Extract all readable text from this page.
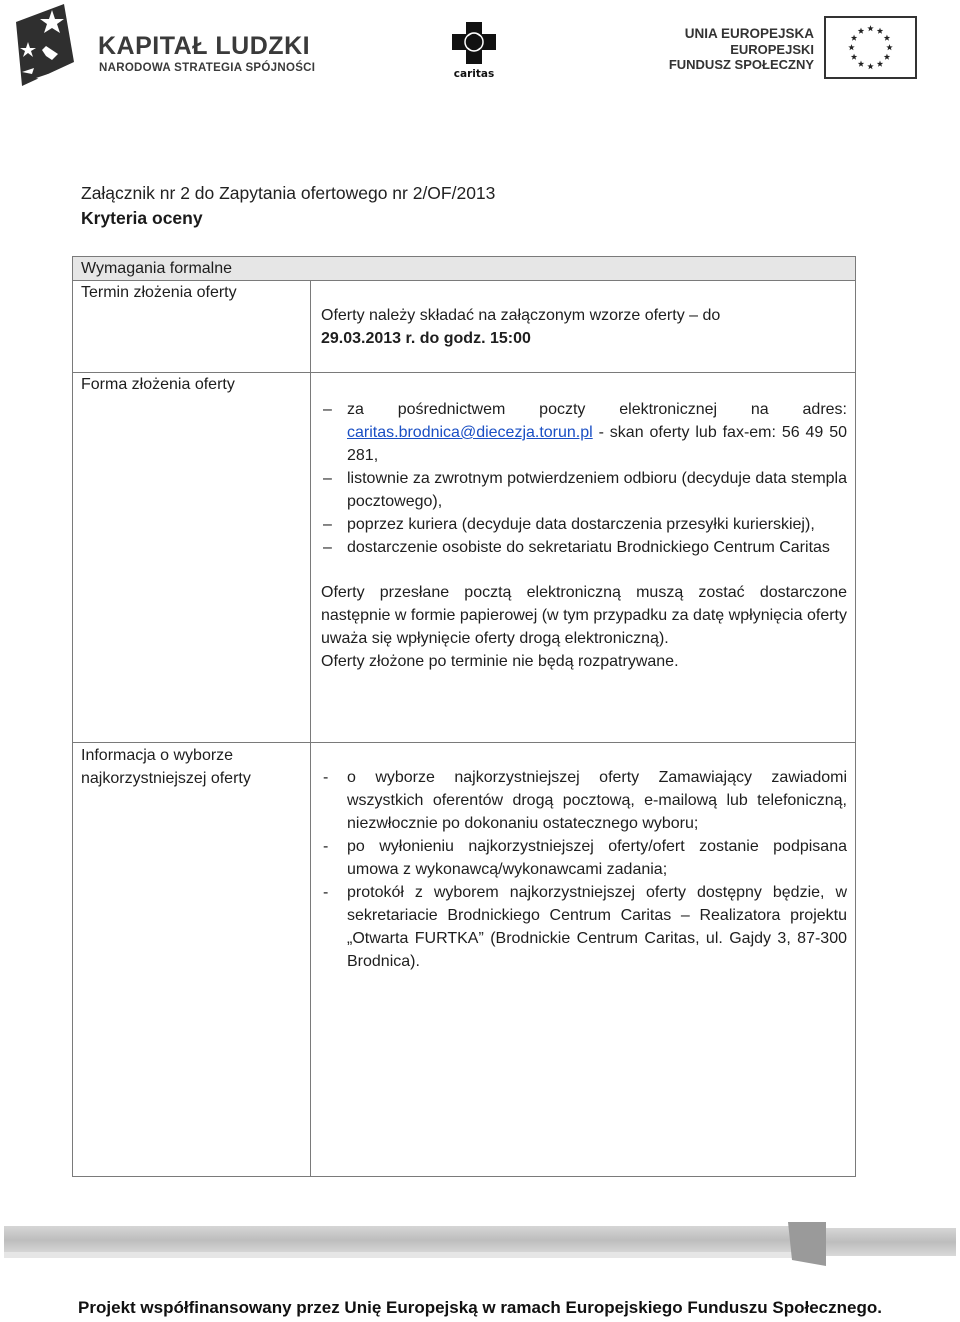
KAPITAŁ LUDZKI
NARODOWA STRATEGIA SPÓJNOŚCI	caritas
UNIA EUROPEJSKA
EUROPEJSKI
FUNDUSZ SPOŁECZNY
Załącznik nr 2 do Zapytania ofertowego nr 2/OF/2013
Kryteria oceny
Wymagania formalne
Termin złożenia oferty

Oferty należy składać na załączonym wzorze oferty – do

29.03.2013 r. do godz. 15:00

Forma złożenia oferty
– za pośrednictwem poczty elektronicznej na adres: caritas.brodnica@diecezja.torun.pl - skan oferty lub fax-em: 56 49 50 281,
– listownie za zwrotnym potwierdzeniem odbioru (decyduje data stempla pocztowego),
– poprzez kuriera (decyduje data dostarczenia przesyłki kurierskiej),
– dostarczenie osobiste do sekretariatu Brodnickiego Centrum Caritas

Oferty przesłane pocztą elektroniczną muszą zostać dostarczone następnie w formie papierowej (w tym przypadku za datę wpłynięcia oferty uważa się wpłynięcie oferty drogą elektroniczną).

Oferty złożone po terminie nie będą rozpatrywane.

Informacja o wyborze najkorzystniejszej oferty	- o wyborze najkorzystniejszej oferty Zamawiający zawiadomi wszystkich oferentów drogą pocztową, e-mailową lub telefoniczną, niezwłocznie po dokonaniu ostatecznego wyboru;
- po wyłonieniu najkorzystniejszej oferty/ofert zostanie podpisana umowa z wykonawcą/wykonawcami zadania;
- protokół z wyborem najkorzystniejszej oferty dostępny będzie, w sekretariacie Brodnickiego Centrum Caritas – Realizatora projektu „Otwarta FURTKA” (Brodnickie Centrum Caritas, ul. Gajdy 3, 87-300 Brodnica).
Projekt współfinansowany przez Unię Europejską w ramach Europejskiego Funduszu Społecznego.
